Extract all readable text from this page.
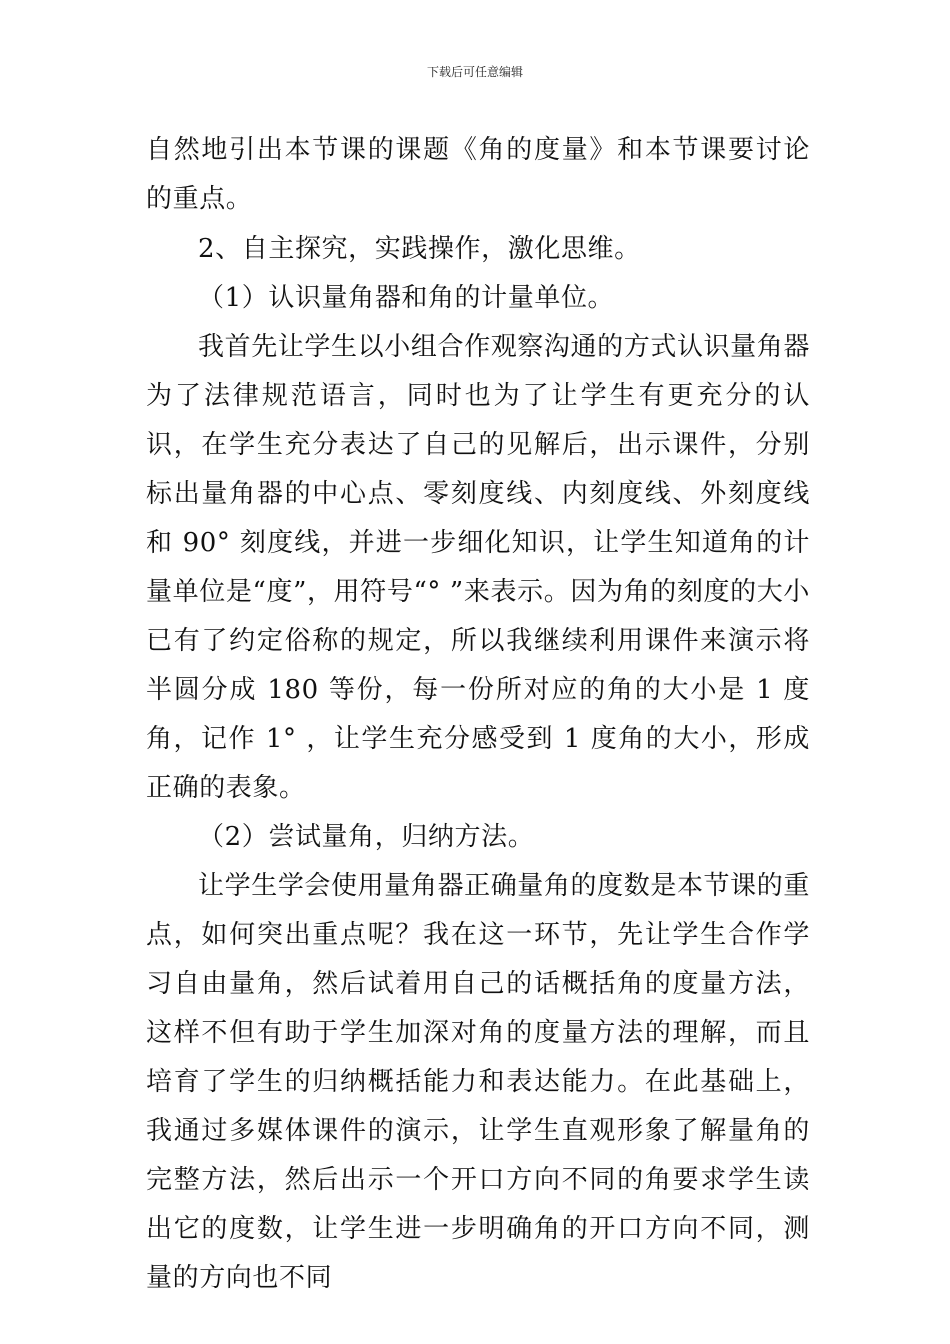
下载后可任意编辑

自然地引出本节课的课题《角的度量》和本节课要讨论的重点。

2、自主探究，实践操作，激化思维。

（1）认识量角器和角的计量单位。

我首先让学生以小组合作观察沟通的方式认识量角器为了法律规范语言，同时也为了让学生有更充分的认识，在学生充分表达了自己的见解后，出示课件，分别标出量角器的中心点、零刻度线、内刻度线、外刻度线和 90° 刻度线，并进一步细化知识，让学生知道角的计量单位是“度”，用符号“° ”来表示。因为角的刻度的大小已有了约定俗称的规定，所以我继续利用课件来演示将半圆分成 180 等份，每一份所对应的角的大小是 1 度角，记作 1° ，让学生充分感受到 1 度角的大小，形成正确的表象。

（2）尝试量角，归纳方法。

让学生学会使用量角器正确量角的度数是本节课的重点，如何突出重点呢？我在这一环节，先让学生合作学习自由量角，然后试着用自己的话概括角的度量方法，这样不但有助于学生加深对角的度量方法的理解，而且培育了学生的归纳概括能力和表达能力。在此基础上，我通过多媒体课件的演示，让学生直观形象了解量角的完整方法，然后出示一个开口方向不同的角要求学生读出它的度数，让学生进一步明确角的开口方向不同，测量的方向也不同
